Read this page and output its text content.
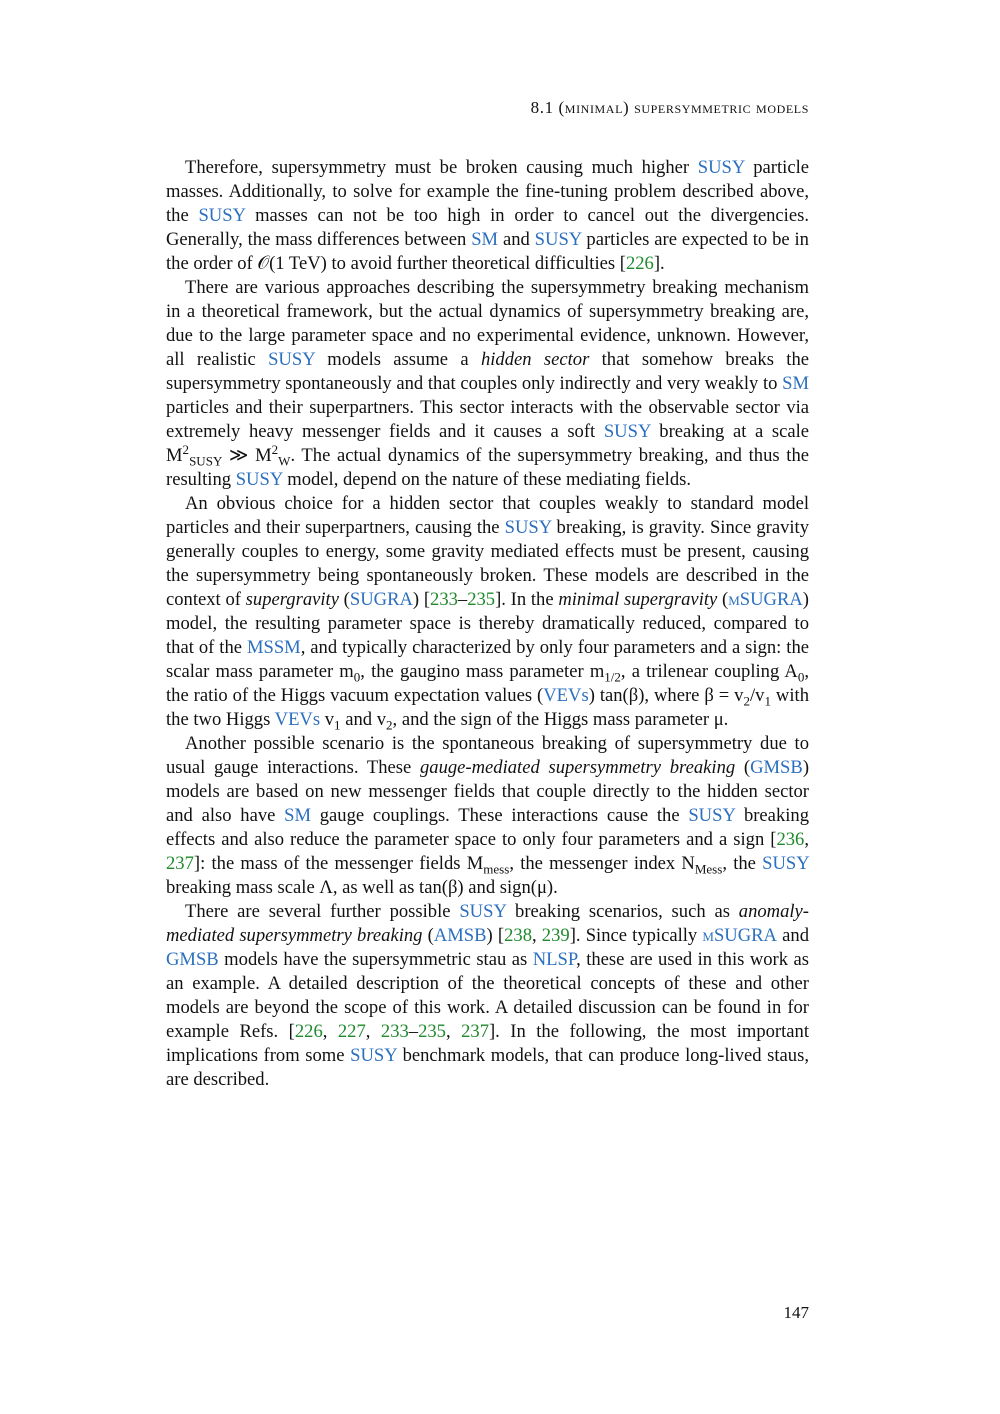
8.1 (minimal) supersymmetric models

Therefore, supersymmetry must be broken causing much higher SUSY particle masses. Additionally, to solve for example the fine-tuning problem described above, the SUSY masses can not be too high in order to cancel out the divergencies. Generally, the mass differences between SM and SUSY particles are expected to be in the order of 𝒪(1 TeV) to avoid further theoretical difficulties [226].

There are various approaches describing the supersymmetry breaking mechanism in a theoretical framework, but the actual dynamics of supersymmetry breaking are, due to the large parameter space and no experimental evidence, unknown. However, all realistic SUSY models assume a hidden sector that somehow breaks the supersymmetry spontaneously and that couples only indirectly and very weakly to SM particles and their superpartners. This sector interacts with the observable sector via extremely heavy messenger fields and it causes a soft SUSY breaking at a scale $M^2_{SUSY}$ ≫ $M^2_W$. The actual dynamics of the supersymmetry breaking, and thus the resulting SUSY model, depend on the nature of these mediating fields.

An obvious choice for a hidden sector that couples weakly to standard model particles and their superpartners, causing the SUSY breaking, is gravity. Since gravity generally couples to energy, some gravity mediated effects must be present, causing the supersymmetry being spontaneously broken. These models are described in the context of supergravity (SUGRA) [233–235]. In the minimal supergravity (mSUGRA) model, the resulting parameter space is thereby dramatically reduced, compared to that of the MSSM, and typically characterized by only four parameters and a sign: the scalar mass parameter $m_0$, the gaugino mass parameter $m_{1/2}$, a trilenear coupling $A_0$, the ratio of the Higgs vacuum expectation values (VEVs) tan(β), where $\beta = v_2/v_1$ with the two Higgs VEVs $v_1$ and $v_2$, and the sign of the Higgs mass parameter μ.

Another possible scenario is the spontaneous breaking of supersymmetry due to usual gauge interactions. These gauge-mediated supersymmetry breaking (GMSB) models are based on new messenger fields that couple directly to the hidden sector and also have SM gauge couplings. These interactions cause the SUSY breaking effects and also reduce the parameter space to only four parameters and a sign [236, 237]: the mass of the messenger fields $M_{mess}$, the messenger index $N_{Mess}$, the SUSY breaking mass scale Λ, as well as tan(β) and sign(μ).

There are several further possible SUSY breaking scenarios, such as anomaly-mediated supersymmetry breaking (AMSB) [238, 239]. Since typically mSUGRA and GMSB models have the supersymmetric stau as NLSP, these are used in this work as an example. A detailed description of the theoretical concepts of these and other models are beyond the scope of this work. A detailed discussion can be found in for example Refs. [226, 227, 233–235, 237]. In the following, the most important implications from some SUSY benchmark models, that can produce long-lived staus, are described.

147
